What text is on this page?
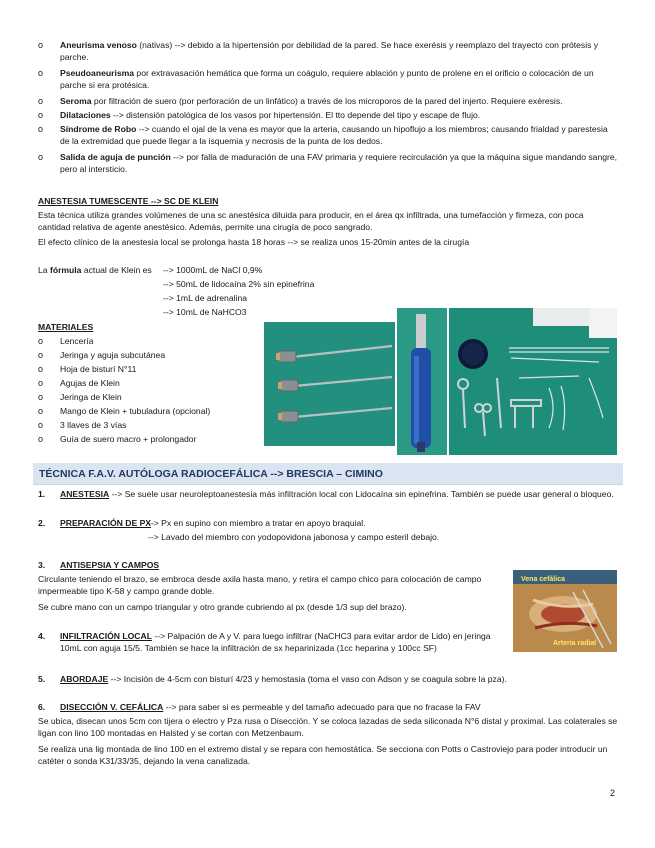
o Aneurisma venoso (nativas) --> debido a la hipertensión por debilidad de la pared. Se hace exerésis y reemplazo del trayecto con prótesis y parche.
o Pseudoaneurisma por extravasación hemática que forma un coágulo, requiere ablación y punto de prolene en el orificio o colocación de un parche si era protésica.
o Seroma por filtración de suero (por perforación de un linfático) a través de los microporos de la pared del injerto. Requiere exéresis.
o Dilataciones --> distensión patológica de los vasos por hipertensión. El tto depende del tipo y escape de flujo.
o Síndrome de Robo --> cuando el ojal de la vena es mayor que la arteria, causando un hipoflujo a los miembros; causando frialdad y parestesia de la extremidad que puede llegar a la isquemia y necrosis de la punta de los dedos.
o Salida de aguja de punción --> por falla de maduración de una FAV primaria y requiere recirculación ya que la máquina sigue mandando sangre, pero al intersticio.
ANESTESIA TUMESCENTE --> SC DE KLEIN
Esta técnica utiliza grandes volúmenes de una sc anestésica diluida para producir, en el área qx infiltrada, una tumefacción y firmeza, con poca cantidad relativa de agente anestésico. Además, permite una cirugía de poco sangrado.
El efecto clínico de la anestesia local se prolonga hasta 18 horas --> se realiza unos 15-20min antes de la cirugía
La fórmula actual de Klein es	--> 1000mL de NaCl 0,9%
--> 50mL de lidocaína 2% sin epinefrina
--> 1mL de adrenalina
--> 10mL de NaHCO3
MATERIALES
o Lencería
o Jeringa y aguja subcutánea
o Hoja de bisturí N°11
o Agujas de Klein
o Jeringa de Klein
o Mango de Klein + tubuladura (opcional)
o 3 llaves de 3 vías
o Guía de suero macro + prolongador
TÉCNICA F.A.V. AUTÓLOGA RADIOCEFÁLICA --> BRESCIA – CIMINO
1. ANESTESIA --> Se suele usar neuroleptoanestesia más infiltración local con Lidocaína sin epinefrina. También se puede usar general o bloqueo.
2. PREPARACIÓN DE PX
--> Px en supino con miembro a tratar en apoyo braquial.
--> Lavado del miembro con yodopovidona jabonosa y campo esteril debajo.
3. ANTISEPSIA Y CAMPOS
Circulante teniendo el brazo, se embroca desde axila hasta mano, y retira el campo chico para colocación de campo impermeable tipo K-58 y campo grande doble.
Se cubre mano con un campo triangular y otro grande cubriendo al px (desde 1/3 sup del brazo).
Vena cefálica
Arteria radial
4. INFILTRACIÓN LOCAL --> Palpación de A y V. para luego infiltrar (NaCHC3 para evitar ardor de Lido) en jeringa 10mL con aguja 15/5. También se hace la infiltración de sx heparinizada (1cc heparina y 100cc SF)
5. ABORDAJE --> Incisión de 4-5cm con bisturí 4/23 y hemostasia (toma el vaso con Adson y se coagula sobre la pza).
6. DISECCIÓN V. CEFÁLICA --> para saber si es permeable y del tamaño adecuado para que no fracase la FAV
Se ubica, disecan unos 5cm con tijera o electro y Pza rusa o Disección. Y se coloca lazadas de seda siliconada N°6 distal y proximal. Las colaterales se ligan con lino 100 montadas en Halsted y se cortan con Metzenbaum.
Se realiza una lig montada de lino 100 en el extremo distal y se repara con hemostática. Se secciona con Potts o Castroviejo para poder introducir un catéter o sonda K31/33/35, dejando la vena canalizada.
2
